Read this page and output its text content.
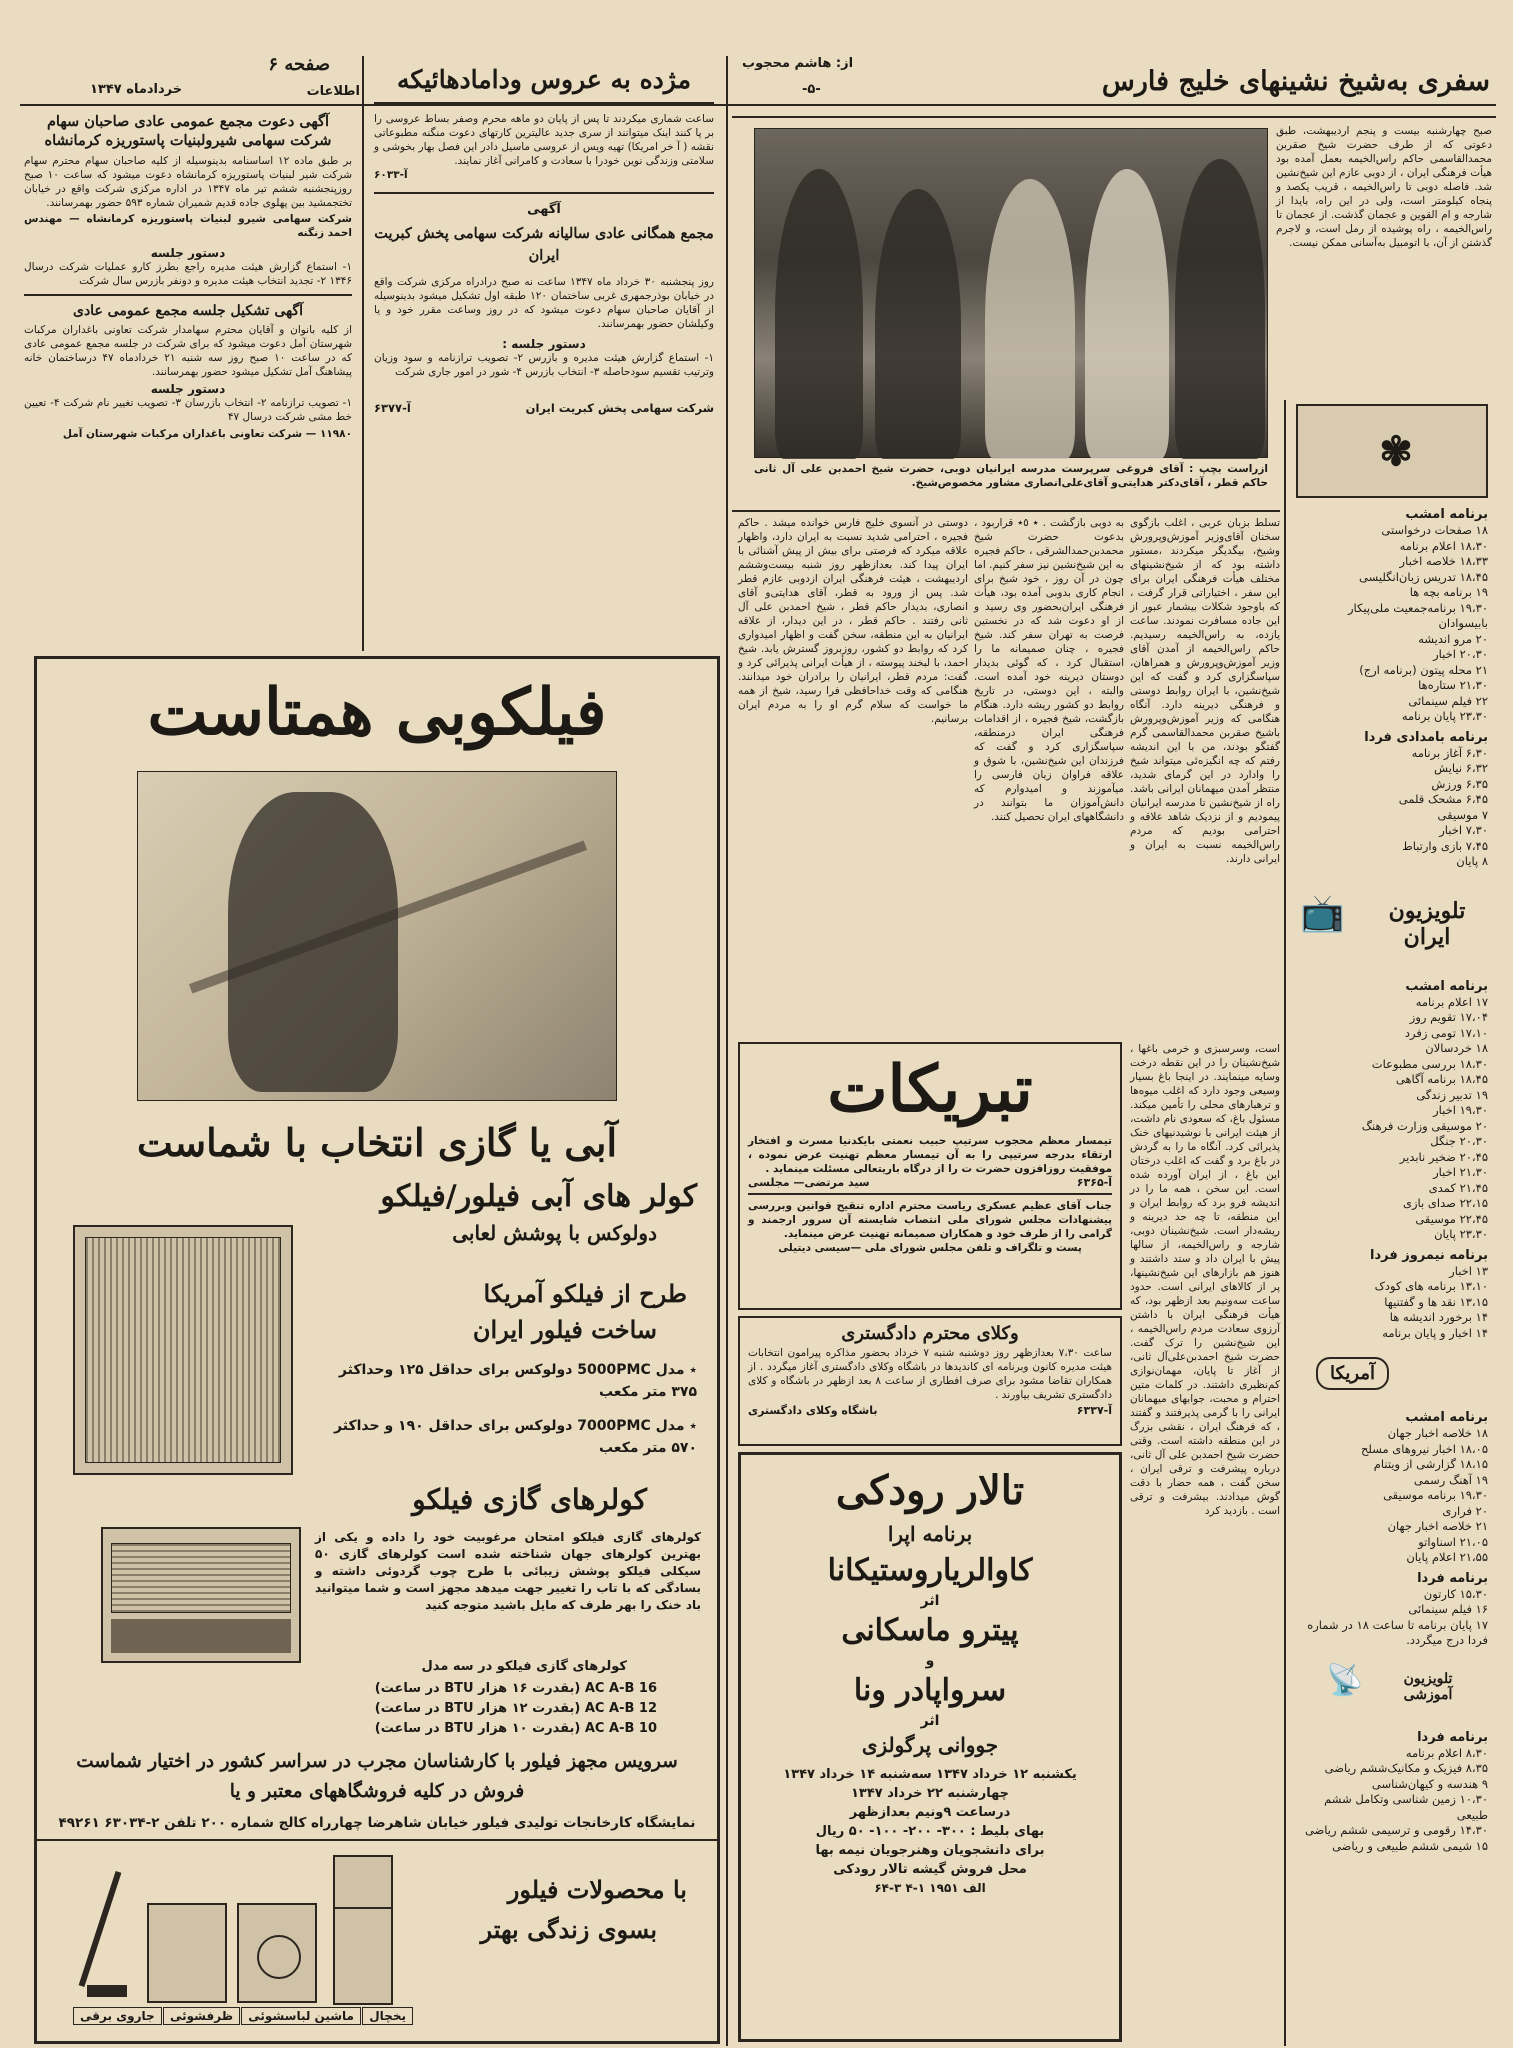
صفحه ۶
خردادماه ۱۳۴۷	اطلاعات
آگهی دعوت مجمع عمومی عادی صاحبان سهام شرکت سهامی شیرولبنیات پاستوریزه کرمانشاه

بر طبق ماده ۱۲ اساسنامه بدینوسیله از کلیه صاحبان سهام محترم سهام شرکت شیر لبنیات پاستوریزه کرمانشاه دعوت میشود که ساعت ۱۰ صبح روزپنجشنبه ششم تیر ماه ۱۳۴۷ در اداره مرکزی شرکت واقع در خیابان تختجمشید بین پهلوی جاده قدیم شمیران شماره ۵۹۳ حضور بهمرسانند.

شرکت سهامی شیرو لبنیات پاستوریزه کرمانشاه — مهندس احمد زنگنه

دستور جلسه

۱- استماع گزارش هیئت مدیره راجع بطرز کارو عملیات شرکت درسال ۱۳۴۶ ۲- تجدید انتخاب هیئت مدیره و دونفر بازرس سال شرکت

آگهی تشکیل جلسه مجمع عمومی عادی

از کلیه بانوان و آقایان محترم سهامدار شرکت تعاونی باغداران مرکبات شهرستان آمل دعوت میشود که برای شرکت در جلسه مجمع عمومی عادی که در ساعت ۱۰ صبح روز سه شنبه ۲۱ خردادماه ۴۷ درساختمان خانه پیشاهنگ آمل تشکیل میشود حضور بهمرسانند.

دستور جلسه

۱- تصویب ترازنامه ۲- انتخاب بازرسان ۳- تصویب تغییر نام شرکت ۴- تعیین خط مشی شرکت درسال ۴۷

۱۱۹۸۰ — شرکت تعاونی باغداران مرکبات شهرستان آمل

مژده به عروس ودامادهائیکه

ساعت شماری میکردند تا پس از پایان دو ماهه محرم وصفر بساط عروسی را بر پا کنند اینک میتوانند از سری جدید عالیترین کارتهای دعوت منگنه مطبوعاتی نقشه ( آ خر امریکا) تهیه ویس از عروسی ماسیل دادر این فصل بهار بخوشی و سلامتی وزندگی نوین خودرا با سعادت و کامرانی آغاز نمایند.

آ-۶۰۳۳

آگهی
مجمع همگانی عادی سالیانه شرکت سهامی پخش کبریت ایران

روز پنجشنبه ۳۰ خرداد ماه ۱۳۴۷ ساعت نه صبح درادراه مرکزی شرکت واقع در خیابان بوذرجمهری غربی ساختمان ۱۲۰ طبقه اول تشکیل میشود بدینوسیله از آقایان صاحبان سهام دعوت میشود که در روز وساعت مقرر خود و یا وکیلشان حضور بهمرسانند.

دستور جلسه :

۱- استماع گزارش هیئت مدیره و بازرس ۲- تصویب ترازنامه و سود وزیان وترتیب تقسیم سودحاصله ۳- انتخاب بازرس ۴- شور در امور جاری شرکت

شرکت سهامی پخش کبریت ایران
آ-۶۳۷۷
سفری به‌شیخ نشینهای خلیج فارس
از: هاشم محجوب
-۵-

صبح چهارشنبه بیست و پنجم اردیبهشت، طبق دعوتی که از طرف حضرت شیخ صقربن محمدالقاسمی حاکم راس‌الخیمه بعمل آمده بود هیأت فرهنگی ایران ، از دوبی عازم این شیخ‌نشین شد. فاصله دوبی تا راس‌الخیمه ، قریب یکصد و پنجاه کیلومتر است، ولی در این راه، بایدا از شارجه و ام القوین و عجمان گذشت. از عجمان تا راس‌الخیمه ، راه پوشیده از رمل است، و لاجرم گذشتن از آن، با اتومبیل به‌آسانی ممکن نیست.

ازراست بچپ : آقای فروغی سرپرست مدرسه ایرانیان دوبی، حضرت شیخ احمدبن علی آل ثانی حاکم قطر ، آقای‌دکتر هدایتی‌و آقای‌علی‌انصاری مشاور مخصوص‌شیخ.

تسلط بزبان عربی ، اغلب بازگوی سخنان آقای‌وزیر آموزش‌وپرورش وشیخ، بیگدیگر میکردند ،مستور داشته بود که از شیخ‌نشینهای مختلف هیأت فرهنگی ایران برای این سفر ، اختیاراتی قرار گرفت ، که باوجود شکلات بیشمار عبور از این جاده مسافرت نمودند. ساعت یازده، به راس‌الخیمه رسیدیم. حاکم راس‌الخیمه از آمدن آقای وزیر آموزش‌وپرورش و همراهان، سپاسگزاری کرد و گفت که این شیخ‌نشین، با ایران روابط دوستی و فرهنگی دیرینه دارد. آنگاه هنگامی که وزیر آموزش‌وپرورش باشیخ صقربن محمدالقاسمی گرم گفتگو بودند، من با این اندیشه رفتم که چه انگیزه‌ئی میتواند شیخ را وادارد در این گرمای شدید، منتظر آمدن میهمانان ایرانی باشد. راه از شیخ‌نشین تا مدرسه ایرانیان پیمودیم و از نزدیک شاهد علاقه و احترامی بودیم که مردم راس‌الخیمه نسبت به ایران و ایرانی دارند.

به دوبی بازگشت . ٭ ٥٭ قراربود ، بدعوت حضرت شیخ محمدبن‌حمدالشرقی ، حاکم فجیره به این شیخ‌نشین نیز سفر کنیم. اما چون در آن روز ، خود شیخ برای انجام کاری بدوبی آمده بود، هیأت فرهنگی ایران‌بحضور وی رسید و از او دعوت شد که در نخستین فرصت به تهران سفر کند. شیخ فجیره ، چنان صمیمانه ما را استقبال کرد ، که گوئی بدیدار دوستان دیرینه خود آمده است. والبته ، این دوستی، در تاریخ روابط دو کشور ریشه دارد. هنگام بازگشت، شیخ فجیره ، از اقدامات فرهنگی ایران درمنطقه، سپاسگزاری کرد و گفت که فرزندان این شیخ‌نشین، با شوق و علاقه فراوان زبان فارسی را میآموزند و امیدوارم که دانش‌آموزان ما بتوانند در دانشگاههای ایران تحصیل کنند.

دوستی در آنسوی خلیج فارس خوانده میشد . حاکم فجیره ، احترامی شدید نسبت به ایران دارد، واظهار علاقه میکرد که فرصتی برای بیش از پیش آشنائی با ایران پیدا کند. بعدازظهر روز شنبه بیست‌وششم اردیبهشت ، هیئت فرهنگی ایران ازدوبی عازم قطر شد. پس از ورود به قطر، آقای هدایتی‌و آقای انصاری، بدیدار حاکم قطر ، شیخ احمدبن علی آل ثانی رفتند . حاکم قطر ، در این دیدار، از علاقه ایرانیان به این منطقه، سخن گفت و اظهار امیدواری کرد که روابط دو کشور، روزبروز گسترش یابد. شیخ احمد، با لبخند پیوسته ، از هیأت ایرانی پذیرائی کرد و گفت: مردم قطر، ایرانیان را برادران خود میدانند. هنگامی که وقت خداحافظی فرا رسید، شیخ از همه ما خواست که سلام گرم او را به مردم ایران برسانیم.

است، وسرسبزی و خرمی باغها ، شیخ‌نشینان را در این نقطه درخت وسایه مینمایند. در اینجا باغ بسیار وسیعی وجود دارد که اغلب میوه‌ها و ترهبارهای محلی را تأمین میکند. مسئول باغ، که سعودی نام داشت، از هیئت ایرانی با نوشیدنیهای خنک پذیرائی کرد. آنگاه ما را به گردش در باغ برد و گفت که اغلب درختان این باغ ، از ایران آورده شده است. این سخن ، همه ما را در اندیشه فرو برد که روابط ایران و این منطقه، تا چه حد دیرینه و ریشه‌دار است. شیخ‌نشینان دوبی، شارجه و راس‌الخیمه، از سالها پیش با ایران داد و ستد داشتند و هنوز هم بازارهای این شیخ‌نشینها، پر از کالاهای ایرانی است. حدود ساعت سه‌ونیم بعد ازظهر بود، که هیأت فرهنگی ایران با داشتن آرزوی سعادت مردم راس‌الخیمه ، این شیخ‌نشین را ترک گفت. حضرت شیخ احمدبن‌علی‌آل ثانی، از آغاز تا پایان، مهمان‌نوازی کم‌نظیری داشتند. در کلمات متین احترام و محبت، جوابهای میهمانان ایرانی را با گرمی پذیرفتند و گفتند ، که فرهنگ ایران ، نقشی بزرگ در این منطقه داشته است. وقتی حضرت شیخ احمدبن علی آل ثانی، درباره پیشرفت و ترقی ایران ، سخن گفت ، همه حضار با دقت گوش میدادند. بیشرفت و ترقی است . بازدید کرد

✾
برنامه امشب
۱۸ صفحات درخواستی
۱۸،۳۰ اعلام برنامه
۱۸،۳۳ خلاصه اخبار
۱۸،۴۵ تدریس زبان‌انگلیسی
۱۹ برنامه بچه ها
۱۹،۳۰ برنامه‌جمعیت ملی‌پیکار با‌بیسوادان
۲۰ مرو اندیشه
۲۰،۳۰ اخبار
۲۱ محله پیتون (برنامه ارج)
۲۱،۳۰ ستاره‌ها
۲۲ فیلم سینمائی
۲۳،۳۰ پایان برنامه
برنامه بامدادی فردا
۶،۳۰ آغاز برنامه
۶،۳۲ نیایش
۶،۳۵ ورزش
۶،۴۵ مشحک قلمی
۷ موسیقی
۷،۳۰ اخبار
۷،۴۵ بازی وارتباط
۸ پایان
📺	تلویزیون ایران
برنامه امشب
۱۷ اعلام برنامه
۱۷،۰۴ تقویم روز
۱۷،۱۰ تومی زفرد
۱۸ خردسالان
۱۸،۳۰ بررسی مطبوعات
۱۸،۴۵ برنامه آگاهی
۱۹ تدبیر زندگی
۱۹،۳۰ اخبار
۲۰ موسیقی وزارت فرهنگ
۲۰،۳۰ جنگل
۲۰،۴۵ ضخیر نابدیر
۲۱،۳۰ اخبار
۲۱،۴۵ کمدی
۲۲،۱۵ صدای بازی
۲۲،۴۵ موسیقی
۲۳،۳۰ پایان
برنامه نیمروز فردا
۱۳ اخبار
۱۳،۱۰ برنامه های کودک
۱۳،۱۵ نقد ها و گفتنیها
۱۴ برخورد اندیشه ها
۱۴ اخبار و پایان برنامه
آمریکا
برنامه امشب
۱۸ خلاصه اخبار جهان
۱۸،۰۵ اخبار نیروهای مسلح
۱۸،۱۵ گزارشی از ویتنام
۱۹ آهنگ رسمی
۱۹،۳۰ برنامه موسیقی
۲۰ فراری
۲۱ خلاصه اخبار جهان
۲۱،۰۵ اسناواتو
۲۱،۵۵ اعلام پایان
برنامه فردا
۱۵،۳۰ کارتون
۱۶ فیلم سینمائی
۱۷ پایان برنامه تا ساعت ۱۸ در شماره فردا درج میگردد.
📡	تلویزیون آموزشی
برنامه فردا
۸،۳۰ اعلام برنامه
۸،۳۵ فیزیک و مکانیک‌ششم ریاضی
۹ هندسه و کیهان‌شناسی
۱۰،۳۰ زمین شناسی وتکامل ششم طبیعی
۱۴،۳۰ رقومی و ترسیمی ششم ریاضی
۱۵ شیمی ششم طبیعی و ریاضی
تبریکات

تیمسار معظم محجوب سرتیپ حبیب نعمتی بایکدنیا مسرت و افتخار ارتقاء بدرجه سرتیپی را به آن تیمسار معظم تهنیت عرض نموده ، موفقیت روزافزون حضرت ت را از درگاه باریتعالی مسئلت مینماید .

آ-۶۳۶۵
سید مرتضی— مجلسی

جناب آقای عظیم عسکری ریاست محترم اداره تنقیح قوانین وبررسی پیشنهادات مجلس شورای ملی انتصاب شایسته آن سرور ارجمند و گرامی را از طرف خود و همکاران صمیمانه تهنیت عرض مینماید.

پست و تلگراف و تلفن مجلس شورای ملی —سیسی دیتیلی

وکلای محترم دادگستری

ساعت ۷،۳۰ بعدازظهر روز دوشنبه شنبه ۷ خرداد بحضور مذاکره پیرامون انتخابات هیئت مدیره کانون وبرنامه ای کاندیدها در باشگاه وکلای دادگستری آغاز میگردد . از همکاران تقاضا مشود برای صرف افطاری از ساعت ۸ بعد ازظهر در باشگاه و کلای دادگستری تشریف بیاورند .

آ-۶۳۳۷
باشگاه وکلای دادگستری
تالار رودکی
برنامه اپرا
کاوالریاروستیکانا
اثر
پیترو ماسکانی
و
سرواپادر ونا
اثر
جووانی پرگولزی

یکشنبه ۱۲ خرداد ۱۳۴۷ سه‌شنبه ۱۴ خرداد ۱۳۴۷ چهارشنبه ۲۲ خرداد ۱۳۴۷

درساعت ۹ونیم بعدازظهر

بهای بلیط : ۳۰۰- ۲۰۰- ۱۰۰- ۵۰ ریال

برای دانشجویان وهنرجویان نیمه بها

محل فروش گیشه تالار رودکی

الف ۱۹۵۱ ۱-۴ ۳-۶۴

فیلکوبی همتاست
آبی یا گازی انتخاب با شماست
کولر های آبی فیلور/فیلکو
دولوکس با پوشش لعابی
طرح از فیلکو آمریکا
ساخت فیلور ایران
٭ مدل 5000PMC دولوکس برای حداقل ۱۲۵ وحداکثر ۳۷۵ متر مکعب
٭ مدل 7000PMC دولوکس برای حداقل ۱۹۰ و حداکثر ۵۷۰ متر مکعب
کولرهای گازی فیلکو

کولرهای گازی فیلکو امتحان مرغوبیت خود را داده و یکی از بهترین کولرهای جهان شناخته شده است کولرهای گازی ۵۰ سیکلی فیلکو پوشش زیبائی با طرح چوب گردوئی داشته و بسادگی که با تاب را تغییر جهت میدهد مجهز است و شما میتوانید باد خنک را بهر طرف که مایل باشید متوجه کنید

کولرهای گازی فیلکو در سه مدل
16 AC A-B (بقدرت ۱۶ هزار BTU در ساعت)
12 AC A-B (بقدرت ۱۲ هزار BTU در ساعت)
10 AC A-B (بقدرت ۱۰ هزار BTU در ساعت)
سرویس مجهز فیلور با کارشناسان مجرب در سراسر کشور در اختیار شماست
فروش در کلیه فروشگاههای معتبر و یا
نمایشگاه کارخانجات تولیدی فیلور خیابان شاهرضا چهارراه کالج شماره ۲۰۰ تلفن ۲-۶۳۰۳۴ ۴۹۲۶۱
با محصولات فیلور
بسوی زندگی بهتر
یخچال
ماشین لباسشوئی
ظرفشوئی
جاروی برقی
